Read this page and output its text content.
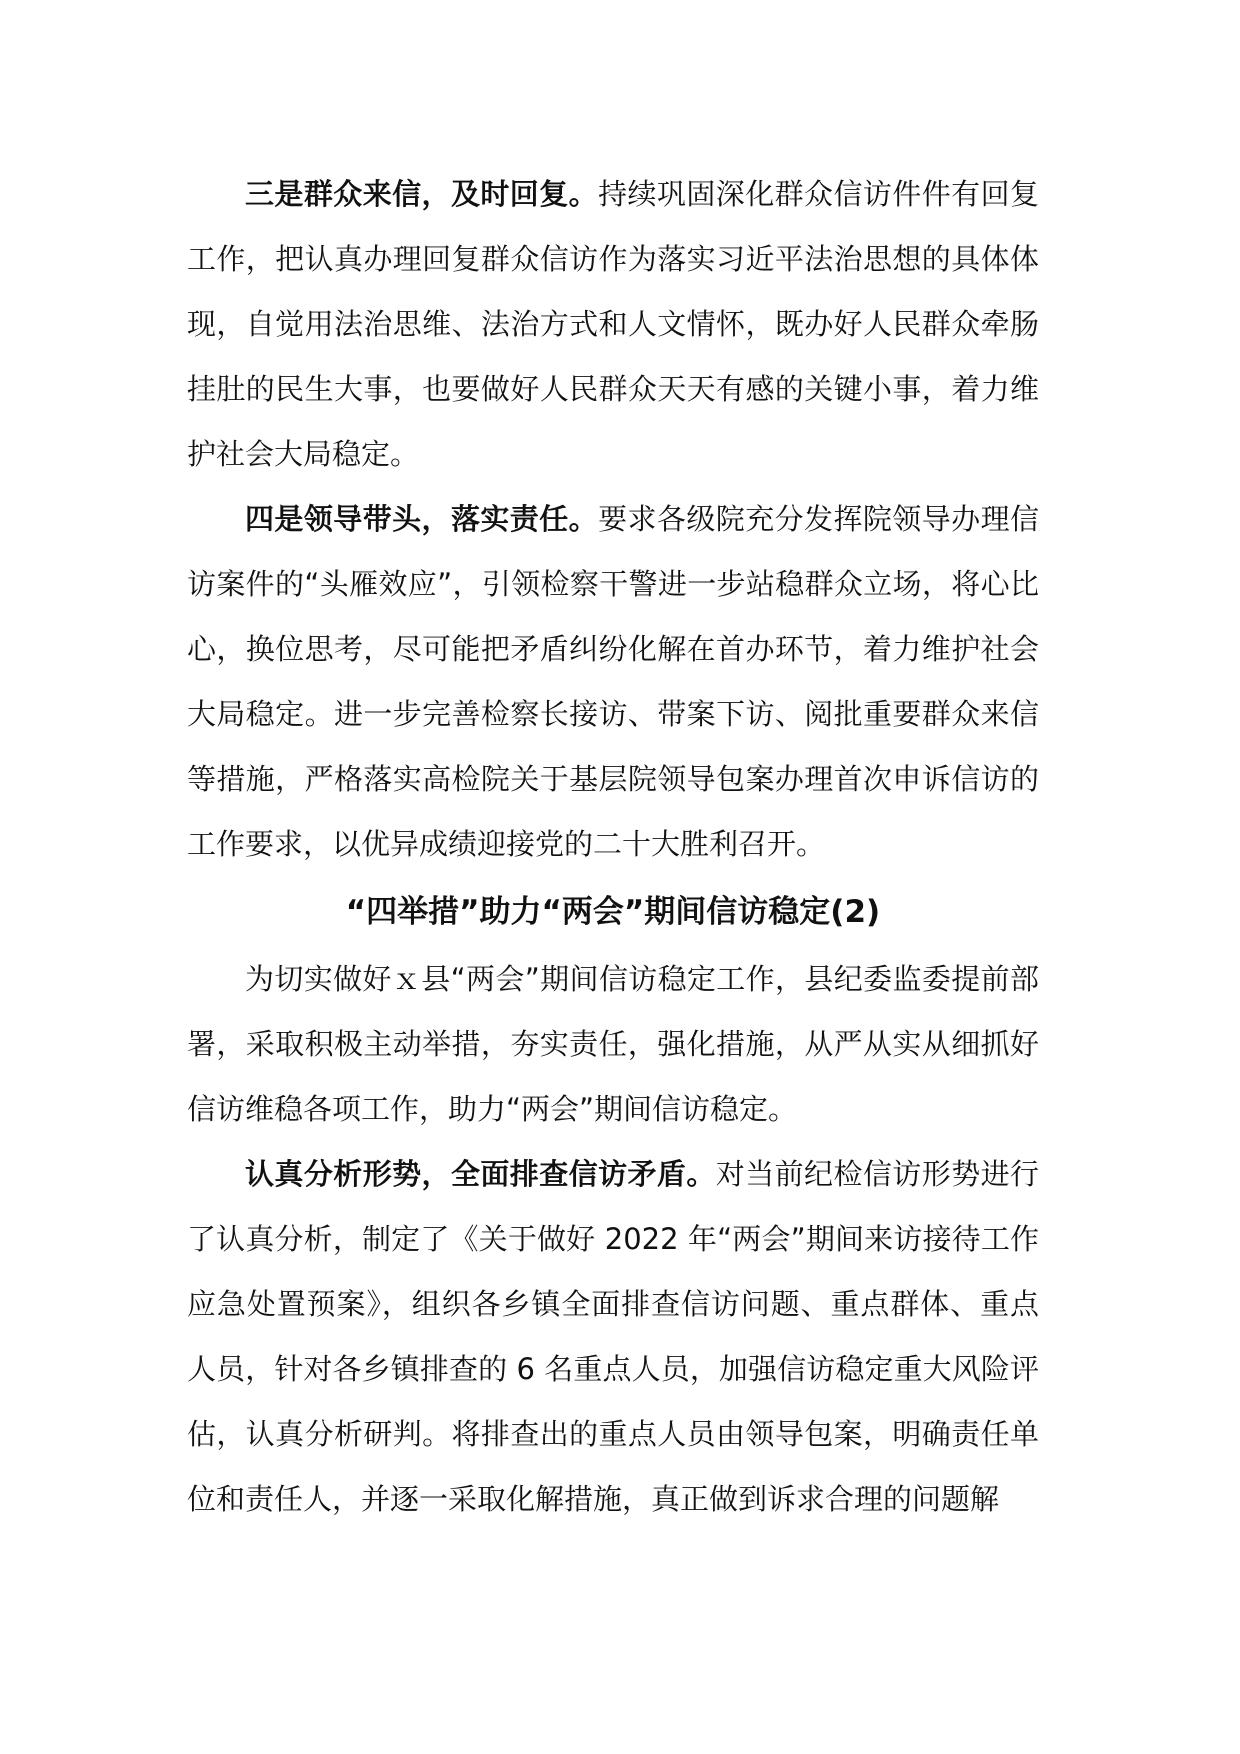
三是群众来信，及时回复。持续巩固深化群众信访件件有回复工作，把认真办理回复群众信访作为落实习近平法治思想的具体体现，自觉用法治思维、法治方式和人文情怀，既办好人民群众牵肠挂肚的民生大事，也要做好人民群众天天有感的关键小事，着力维护社会大局稳定。

四是领导带头，落实责任。要求各级院充分发挥院领导办理信访案件的“头雁效应”，引领检察干警进一步站稳群众立场，将心比心，换位思考，尽可能把矛盾纠纷化解在首办环节，着力维护社会大局稳定。进一步完善检察长接访、带案下访、阅批重要群众来信等措施，严格落实高检院关于基层院领导包案办理首次申诉信访的工作要求，以优异成绩迎接党的二十大胜利召开。

“四举措”助力“两会”期间信访稳定(2)

为切实做好ｘ县“两会”期间信访稳定工作，县纪委监委提前部署，采取积极主动举措，夯实责任，强化措施，从严从实从细抓好信访维稳各项工作，助力“两会”期间信访稳定。

认真分析形势，全面排查信访矛盾。对当前纪检信访形势进行了认真分析，制定了《关于做好 2022 年“两会”期间来访接待工作应急处置预案》，组织各乡镇全面排查信访问题、重点群体、重点人员，针对各乡镇排查的 6 名重点人员，加强信访稳定重大风险评估，认真分析研判。将排查出的重点人员由领导包案，明确责任单位和责任人，并逐一采取化解措施，真正做到诉求合理的问题解
